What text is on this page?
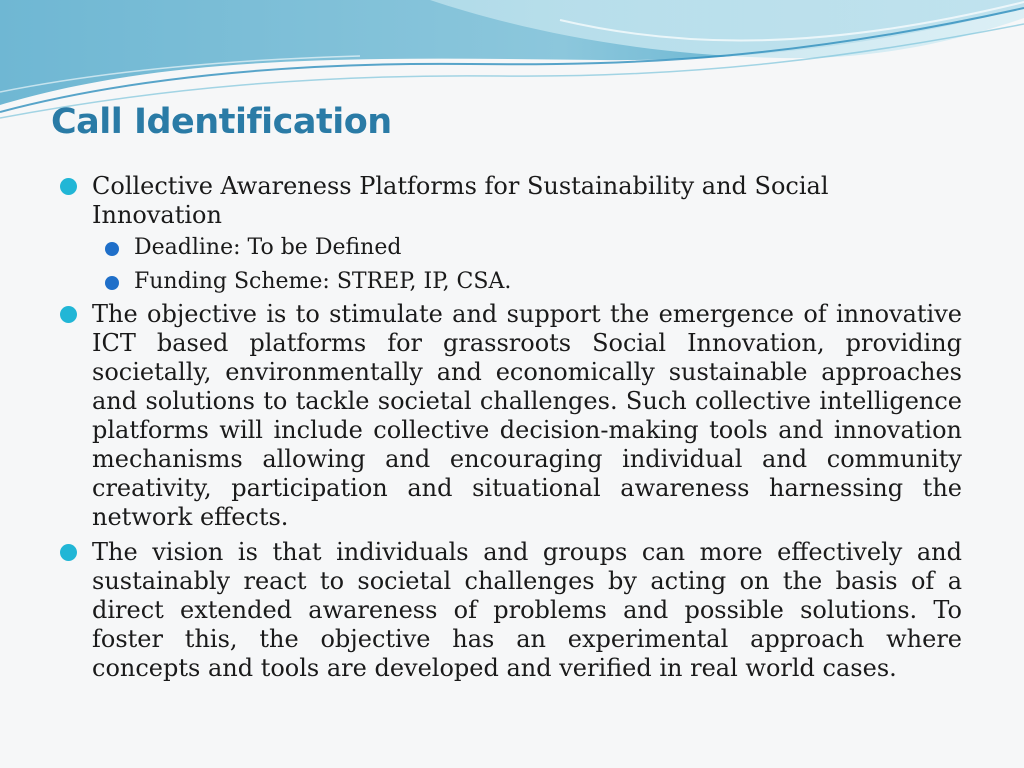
Call Identification
Collective Awareness Platforms for Sustainability and Social Innovation
Deadline: To be Defined
Funding Scheme: STREP, IP, CSA.
The objective is to stimulate and support the emergence of innovative ICT based platforms for grassroots Social Innovation, providing societally, environmentally and economically sustainable approaches and solutions to tackle societal challenges. Such collective intelligence platforms will include collective decision-making tools and innovation mechanisms allowing and encouraging individual and community creativity, participation and situational awareness harnessing the network effects.
The vision is that individuals and groups can more effectively and sustainably react to societal challenges by acting on the basis of a direct extended awareness of problems and possible solutions. To foster this, the objective has an experimental approach where concepts and tools are developed and verified in real world cases.
